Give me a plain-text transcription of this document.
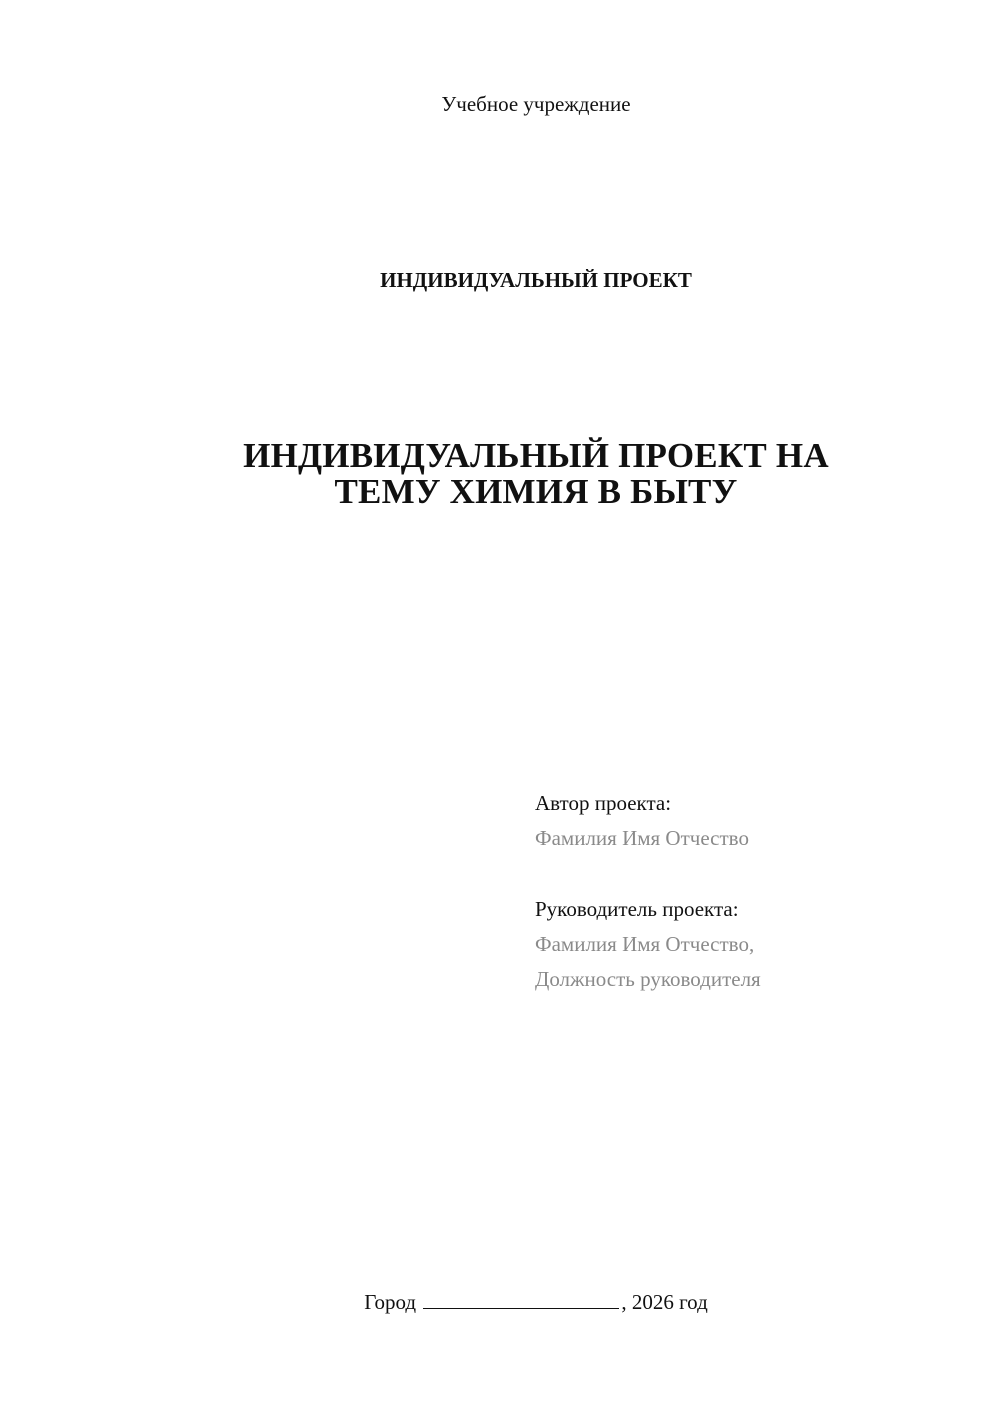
Учебное учреждение
ИНДИВИДУАЛЬНЫЙ ПРОЕКТ
ИНДИВИДУАЛЬНЫЙ ПРОЕКТ НА
ТЕМУ ХИМИЯ В БЫТУ
Автор проекта:
Фамилия Имя Отчество
Руководитель проекта:
Фамилия Имя Отчество,
Должность руководителя
Город	, 2026 год
